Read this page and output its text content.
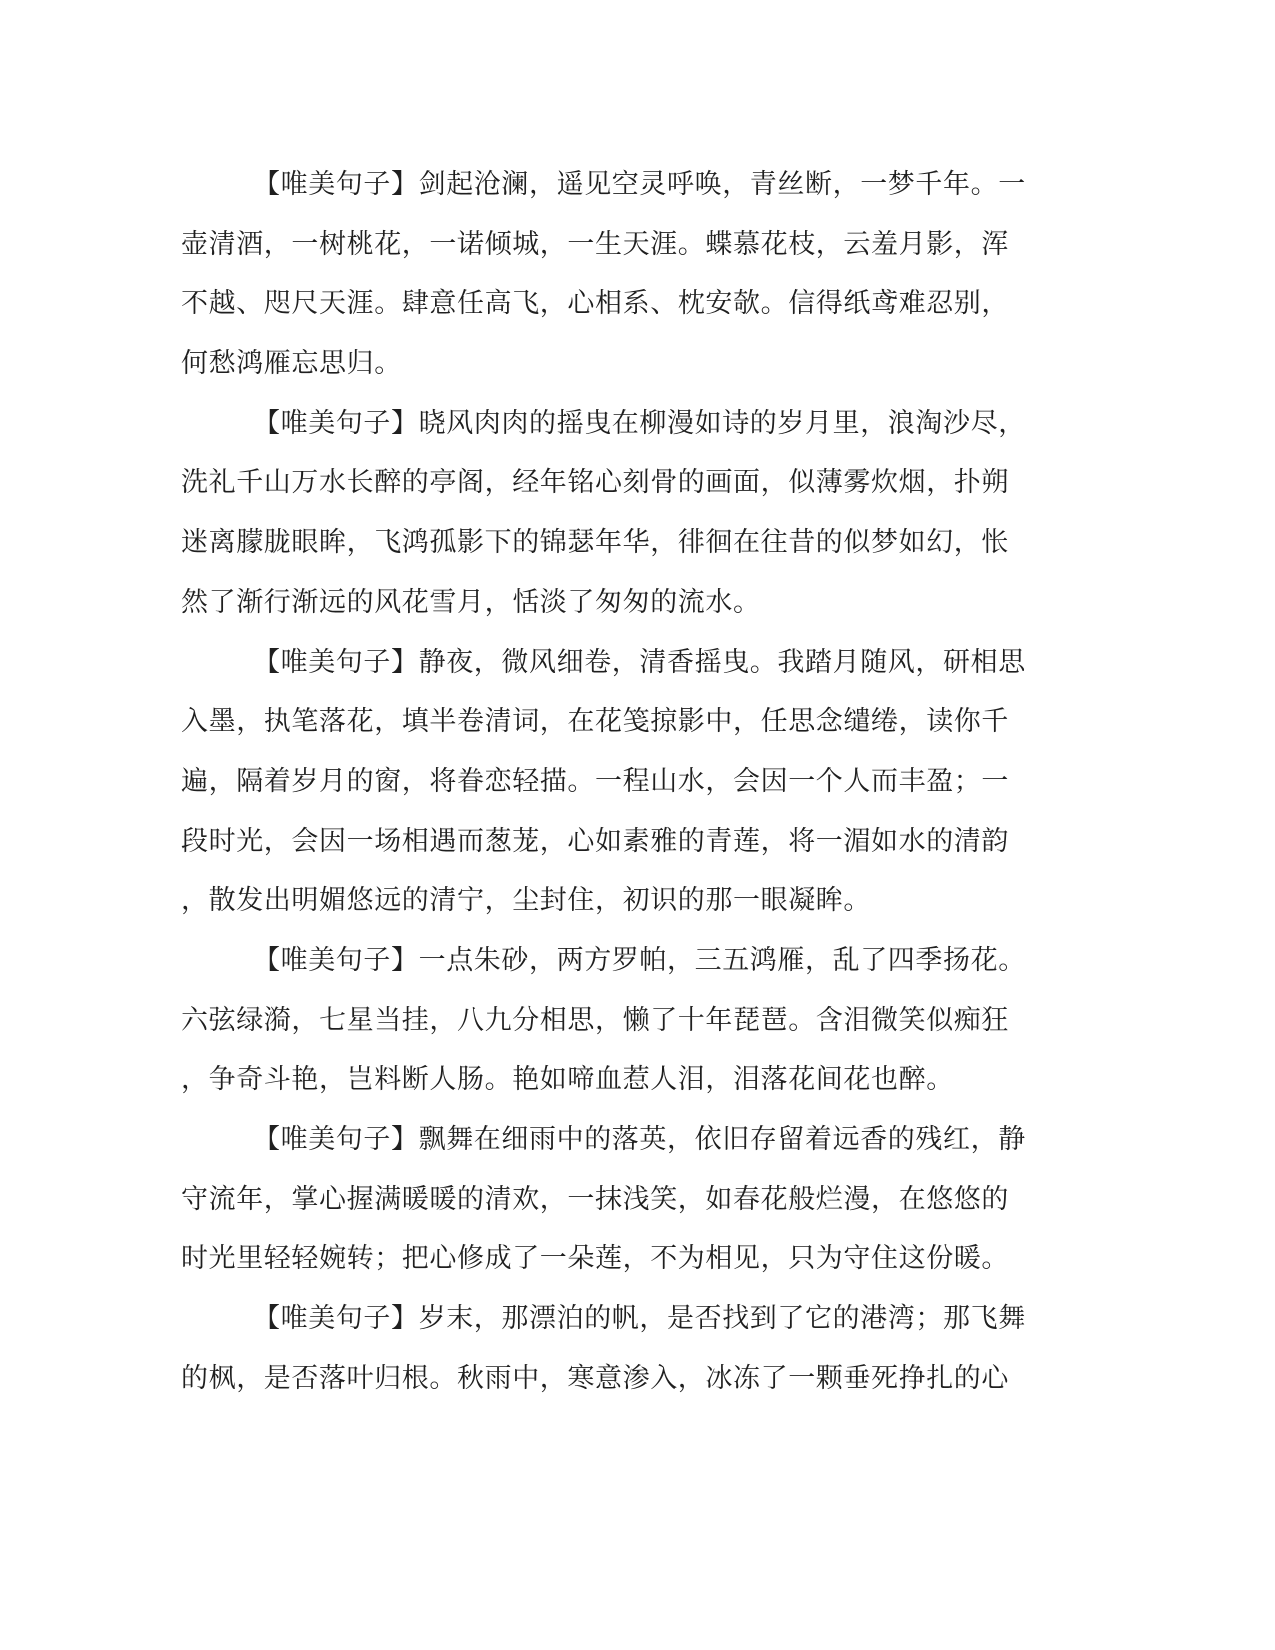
【唯美句子】剑起沧澜，遥见空灵呼唤，青丝断，一梦千年。一
壶清酒，一树桃花，一诺倾城，一生天涯。蝶慕花枝，云羞月影，浑
不越、咫尺天涯。肆意任高飞，心相系、枕安欹。信得纸鸢难忍别，
何愁鸿雁忘思归。
【唯美句子】晓风肉肉的摇曳在柳漫如诗的岁月里，浪淘沙尽，
洗礼千山万水长醉的亭阁，经年铭心刻骨的画面，似薄雾炊烟，扑朔
迷离朦胧眼眸，飞鸿孤影下的锦瑟年华，徘徊在往昔的似梦如幻，怅
然了渐行渐远的风花雪月，恬淡了匆匆的流水。
【唯美句子】静夜，微风细卷，清香摇曳。我踏月随风，研相思
入墨，执笔落花，填半卷清词，在花笺掠影中，任思念缱绻，读你千
遍，隔着岁月的窗，将眷恋轻描。一程山水，会因一个人而丰盈；一
段时光，会因一场相遇而葱茏，心如素雅的青莲，将一湄如水的清韵
，散发出明媚悠远的清宁，尘封住，初识的那一眼凝眸。
【唯美句子】一点朱砂，两方罗帕，三五鸿雁，乱了四季扬花。
六弦绿漪，七星当挂，八九分相思，懒了十年琵琶。含泪微笑似痴狂
，争奇斗艳，岂料断人肠。艳如啼血惹人泪，泪落花间花也醉。
【唯美句子】飘舞在细雨中的落英，依旧存留着远香的残红，静
守流年，掌心握满暖暖的清欢，一抹浅笑，如春花般烂漫，在悠悠的
时光里轻轻婉转；把心修成了一朵莲，不为相见，只为守住这份暖。
【唯美句子】岁末，那漂泊的帆，是否找到了它的港湾；那飞舞
的枫，是否落叶归根。秋雨中，寒意渗入，冰冻了一颗垂死挣扎的心
